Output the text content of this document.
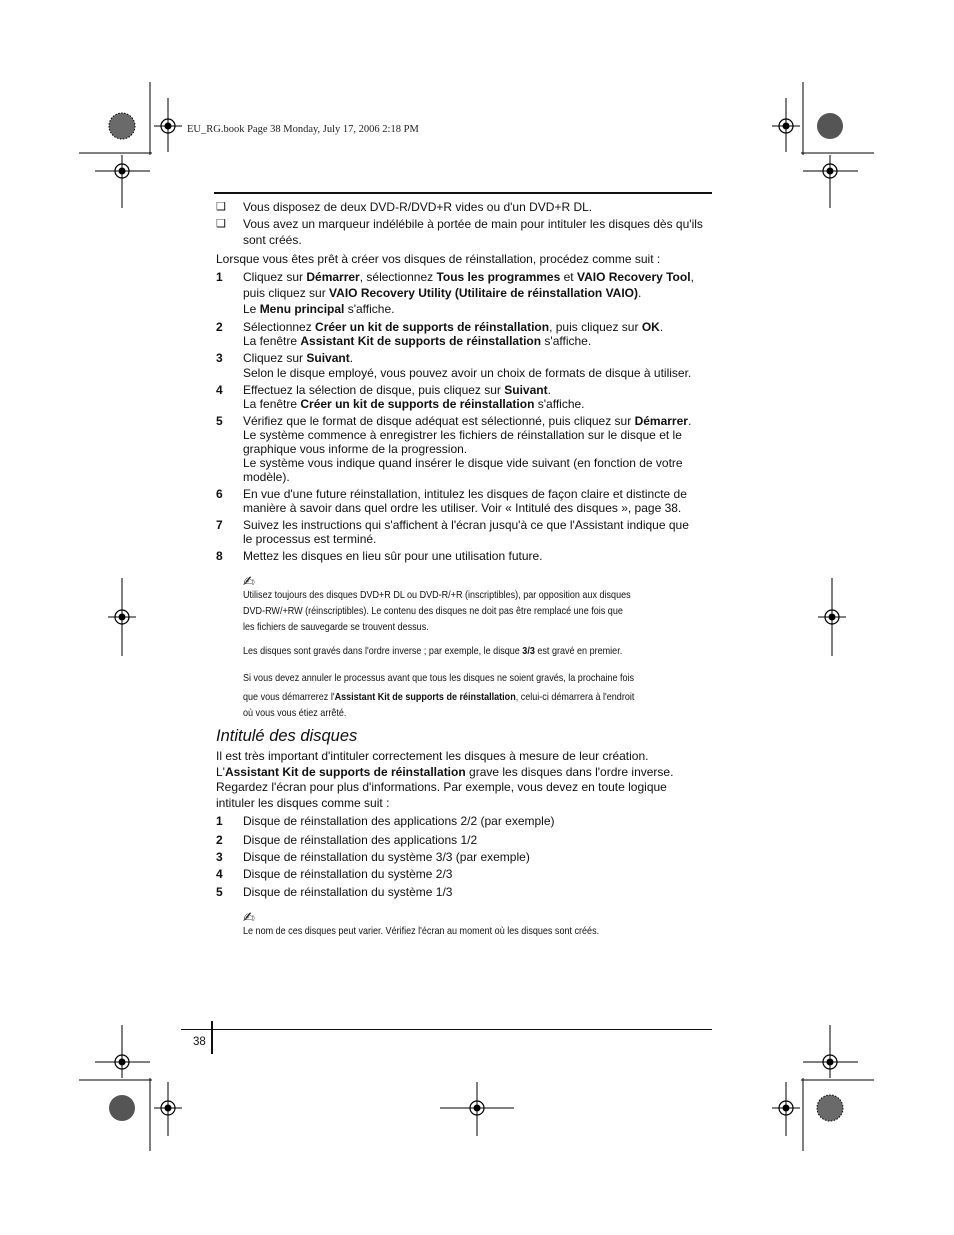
EU_RG.book Page 38 Monday, July 17, 2006 2:18 PM
❑ Vous disposez de deux DVD-R/DVD+R vides ou d'un DVD+R DL.
❑ Vous avez un marqueur indélébile à portée de main pour intituler les disques dès qu'ils
sont créés.
Lorsque vous êtes prêt à créer vos disques de réinstallation, procédez comme suit :
1 Cliquez sur Démarrer, sélectionnez Tous les programmes et VAIO Recovery Tool,
puis cliquez sur VAIO Recovery Utility (Utilitaire de réinstallation VAIO).
Le Menu principal s'affiche.
2 Sélectionnez Créer un kit de supports de réinstallation, puis cliquez sur OK.
La fenêtre Assistant Kit de supports de réinstallation s'affiche.
3 Cliquez sur Suivant.
Selon le disque employé, vous pouvez avoir un choix de formats de disque à utiliser.
4 Effectuez la sélection de disque, puis cliquez sur Suivant.
La fenêtre Créer un kit de supports de réinstallation s'affiche.
5 Vérifiez que le format de disque adéquat est sélectionné, puis cliquez sur Démarrer.
Le système commence à enregistrer les fichiers de réinstallation sur le disque et le
graphique vous informe de la progression.
Le système vous indique quand insérer le disque vide suivant (en fonction de votre
modèle).
6 En vue d'une future réinstallation, intitulez les disques de façon claire et distincte de
manière à savoir dans quel ordre les utiliser. Voir « Intitulé des disques », page 38.
7 Suivez les instructions qui s'affichent à l'écran jusqu'à ce que l'Assistant indique que
le processus est terminé.
8 Mettez les disques en lieu sûr pour une utilisation future.
✍
Utilisez toujours des disques DVD+R DL ou DVD-R/+R (inscriptibles), par opposition aux disques
DVD-RW/+RW (réinscriptibles). Le contenu des disques ne doit pas être remplacé une fois que
les fichiers de sauvegarde se trouvent dessus.
Les disques sont gravés dans l'ordre inverse ; par exemple, le disque 3/3 est gravé en premier.
Si vous devez annuler le processus avant que tous les disques ne soient gravés, la prochaine fois
que vous démarrerez l'Assistant Kit de supports de réinstallation, celui-ci démarrera à l'endroit
où vous vous étiez arrêté.
Intitulé des disques
Il est très important d'intituler correctement les disques à mesure de leur création.
L'Assistant Kit de supports de réinstallation grave les disques dans l'ordre inverse.
Regardez l'écran pour plus d'informations. Par exemple, vous devez en toute logique
intituler les disques comme suit :
1 Disque de réinstallation des applications 2/2 (par exemple)
2 Disque de réinstallation des applications 1/2
3 Disque de réinstallation du système 3/3 (par exemple)
4 Disque de réinstallation du système 2/3
5 Disque de réinstallation du système 1/3
✍
Le nom de ces disques peut varier. Vérifiez l'écran au moment où les disques sont créés.
38
